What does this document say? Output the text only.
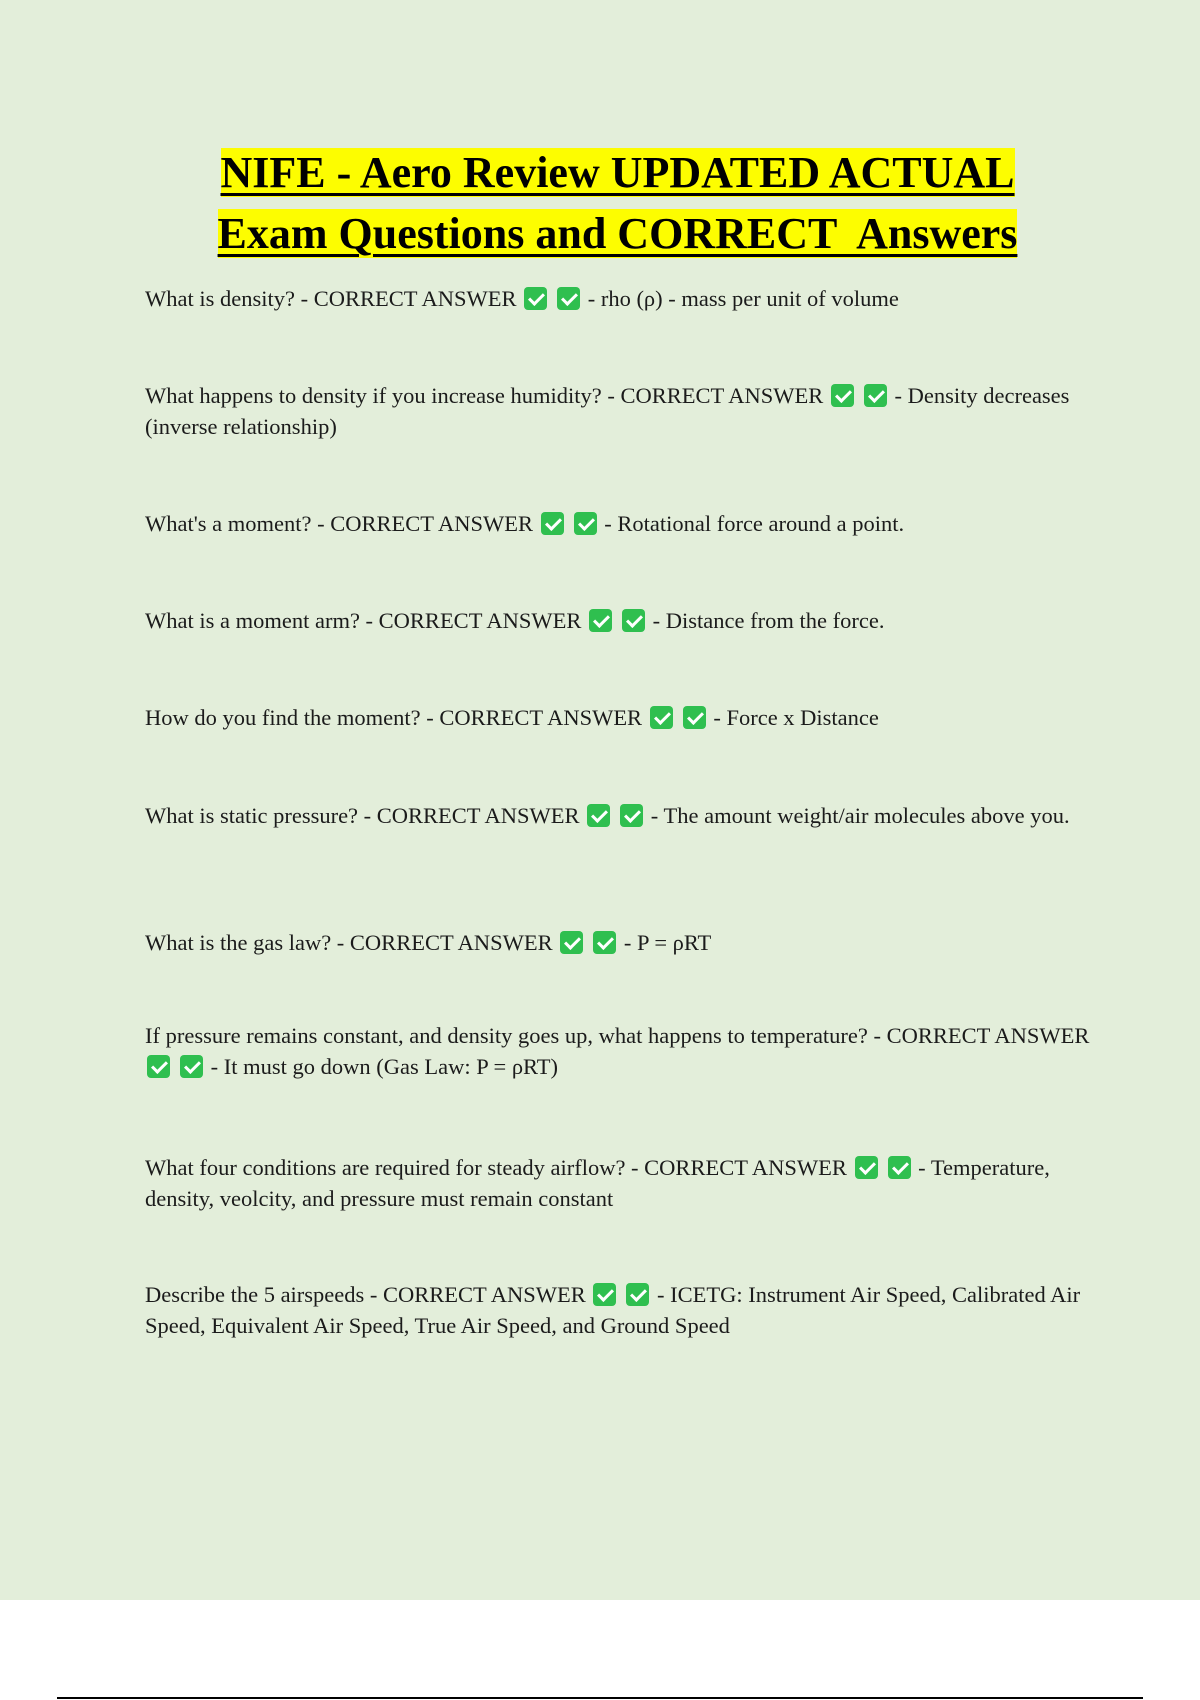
NIFE - Aero Review UPDATED ACTUAL
Exam Questions and CORRECT  Answers
What is density? - CORRECT ANSWER	- rho (ρ) - mass per unit of volume
What happens to density if you increase humidity? - CORRECT ANSWER	- Density decreases (inverse relationship)
What's a moment? - CORRECT ANSWER	- Rotational force around a point.
What is a moment arm? - CORRECT ANSWER	- Distance from the force.
How do you find the moment? - CORRECT ANSWER	- Force x Distance
What is static pressure? - CORRECT ANSWER	- The amount weight/air molecules above you.
What is the gas law? - CORRECT ANSWER	- P = ρRT
If pressure remains constant, and density goes up, what happens to temperature? - CORRECT ANSWER  - It must go down (Gas Law: P = ρRT)
What four conditions are required for steady airflow? - CORRECT ANSWER	- Temperature, density, veolcity, and pressure must remain constant
Describe the 5 airspeeds - CORRECT ANSWER	- ICETG: Instrument Air Speed, Calibrated Air Speed, Equivalent Air Speed, True Air Speed, and Ground Speed
